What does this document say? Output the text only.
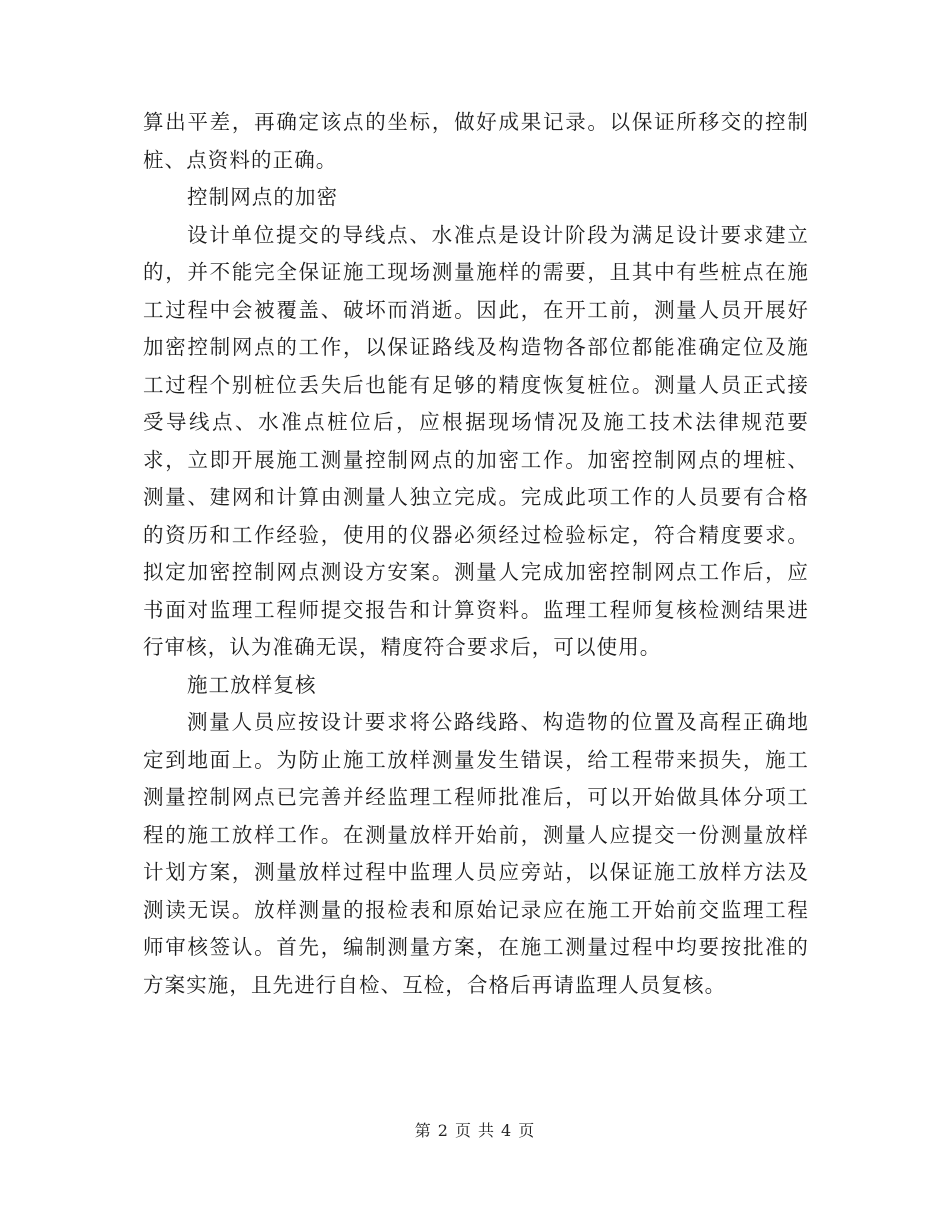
算出平差，再确定该点的坐标，做好成果记录。以保证所移交的控制桩、点资料的正确。

控制网点的加密

设计单位提交的导线点、水准点是设计阶段为满足设计要求建立的，并不能完全保证施工现场测量施样的需要，且其中有些桩点在施工过程中会被覆盖、破坏而消逝。因此，在开工前，测量人员开展好加密控制网点的工作，以保证路线及构造物各部位都能准确定位及施工过程个别桩位丢失后也能有足够的精度恢复桩位。测量人员正式接受导线点、水准点桩位后，应根据现场情况及施工技术法律规范要求，立即开展施工测量控制网点的加密工作。加密控制网点的埋桩、测量、建网和计算由测量人独立完成。完成此项工作的人员要有合格的资历和工作经验，使用的仪器必须经过检验标定，符合精度要求。拟定加密控制网点测设方安案。测量人完成加密控制网点工作后，应书面对监理工程师提交报告和计算资料。监理工程师复核检测结果进行审核，认为准确无误，精度符合要求后，可以使用。

施工放样复核

测量人员应按设计要求将公路线路、构造物的位置及高程正确地定到地面上。为防止施工放样测量发生错误，给工程带来损失，施工测量控制网点已完善并经监理工程师批准后，可以开始做具体分项工程的施工放样工作。在测量放样开始前，测量人应提交一份测量放样计划方案，测量放样过程中监理人员应旁站，以保证施工放样方法及测读无误。放样测量的报检表和原始记录应在施工开始前交监理工程师审核签认。首先，编制测量方案，在施工测量过程中均要按批准的方案实施，且先进行自检、互检，合格后再请监理人员复核。

第 2 页 共 4 页
